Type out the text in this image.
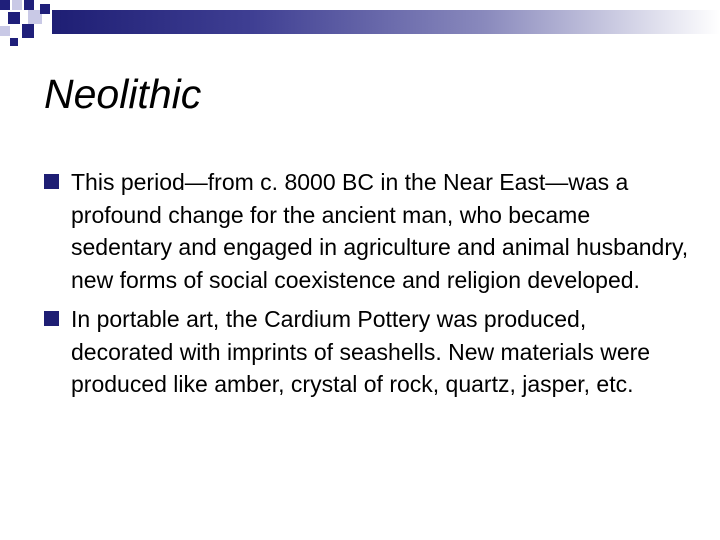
Neolithic
This period—from c. 8000 BC in the Near East—was a profound change for the ancient man, who became sedentary and engaged in agriculture and animal husbandry, new forms of social coexistence and religion developed.
In portable art, the Cardium Pottery was produced, decorated with imprints of seashells. New materials were produced like amber, crystal of rock, quartz, jasper, etc.
